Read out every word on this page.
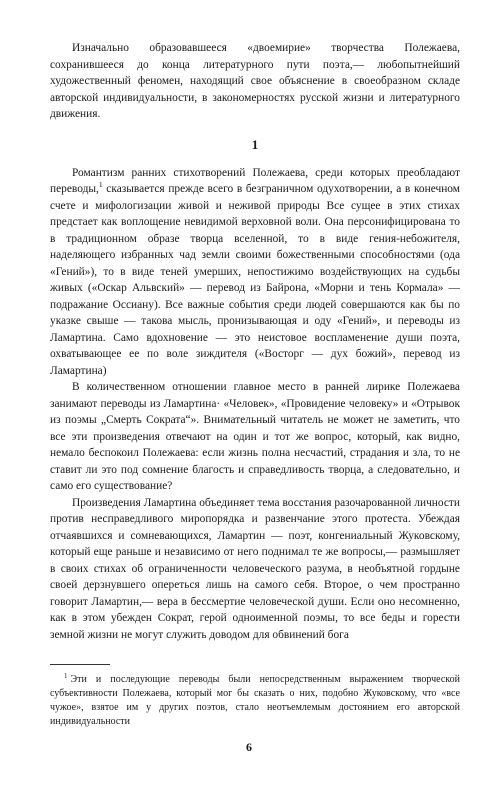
Изначально образовавшееся «двоемирие» творчества Полежаева, сохранившееся до конца литературного пути поэта,— любопытнейший художественный феномен, находящий свое объяснение в своеобразном складе авторской индивидуальности, в закономерностях русской жизни и литературного движения.

1

Романтизм ранних стихотворений Полежаева, среди которых преобладают переводы,$^1$ сказывается прежде всего в безграничном одухотворении, а в конечном счете и мифологизации живой и неживой природы Все сущее в этих стихах предстает как воплощение невидимой верховной воли. Она персонифицирована то в традиционном образе творца вселенной, то в виде гения-небожителя, наделяющего избранных чад земли своими божественными способностями (ода «Гений»), то в виде теней умерших, непостижимо воздействующих на судьбы живых («Оскар Альвский» — перевод из Байрона, «Морни и тень Кормала» — подражание Оссиану). Все важные события среди людей совершаются как бы по указке свыше — такова мысль, пронизывающая и оду «Гений», и переводы из Ламартина. Само вдохновение — это неистовое воспламенение души поэта, охватывающее ее по воле зиждителя («Восторг — дух божий», перевод из Ламартина)

В количественном отношении главное место в ранней лирике Полежаева занимают переводы из Ламартина· «Человек», «Провидение человеку» и «Отрывок из поэмы „Смерть Сократа“». Внимательный читатель не может не заметить, что все эти произведения отвечают на один и тот же вопрос, который, как видно, немало беспокоил Полежаева: если жизнь полна несчастий, страдания и зла, то не ставит ли это под сомнение благость и справедливость творца, а следовательно, и само его существование?

Произведения Ламартина объединяет тема восстания разочарованной личности против несправедливого миропорядка и развенчание этого протеста. Убеждая отчаявшихся и сомневающихся, Ламартин — поэт, конгениальный Жуковскому, который еще раньше и независимо от него поднимал те же вопросы,— размышляет в своих стихах об ограниченности человеческого разума, в необъятной гордыне своей дерзнувшего опереться лишь на самого себя. Второе, о чем пространно говорит Ламартин,— вера в бессмертие человеческой души. Если оно несомненно, как в этом убежден Сократ, герой одноименной поэмы, то все беды и горести земной жизни не могут служить доводом для обвинений бога

$^1$ Эти и последующие переводы были непосредственным выражением творческой субъективности Полежаева, который мог бы сказать о них, подобно Жуковскому, что «все чужое», взятое им у других поэтов, стало неотъемлемым достоянием его авторской индивидуальности

6
